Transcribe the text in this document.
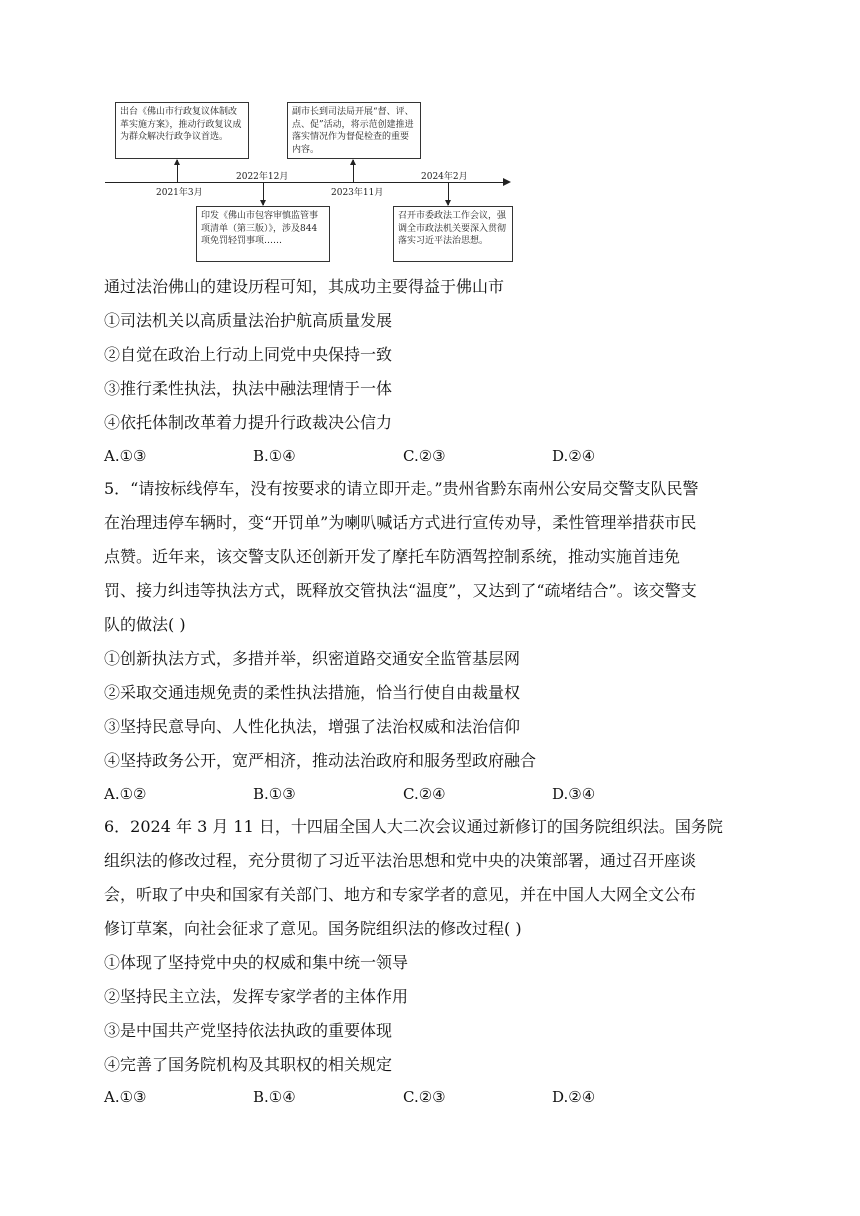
出台《佛山市行政复议体制改革实施方案》，推动行政复议成为群众解决行政争议首选。
副市长到司法局开展“督、评、点、促”活动，将示范创建推进落实情况作为督促检查的重要内容。
2021年3月
2022年12月
2023年11月
2024年2月
印发《佛山市包容审慎监管事项清单（第三版）》，涉及844项免罚轻罚事项……
召开市委政法工作会议，强调全市政法机关要深入贯彻落实习近平法治思想。
通过法治佛山的建设历程可知，其成功主要得益于佛山市
①司法机关以高质量法治护航高质量发展
②自觉在政治上行动上同党中央保持一致
③推行柔性执法，执法中融法理情于一体
④依托体制改革着力提升行政裁决公信力
A.①③	B.①④	C.②③	D.②④
5．“请按标线停车，没有按要求的请立即开走。”贵州省黔东南州公安局交警支队民警
在治理违停车辆时，变“开罚单”为喇叭喊话方式进行宣传劝导，柔性管理举措获市民
点赞。近年来，该交警支队还创新开发了摩托车防酒驾控制系统，推动实施首违免
罚、接力纠违等执法方式，既释放交管执法“温度”，又达到了“疏堵结合”。该交警支
队的做法( )
①创新执法方式，多措并举，织密道路交通安全监管基层网
②采取交通违规免责的柔性执法措施，恰当行使自由裁量权
③坚持民意导向、人性化执法，增强了法治权威和法治信仰
④坚持政务公开，宽严相济，推动法治政府和服务型政府融合
A.①②	B.①③	C.②④	D.③④
6．2024 年 3 月 11 日，十四届全国人大二次会议通过新修订的国务院组织法。国务院
组织法的修改过程，充分贯彻了习近平法治思想和党中央的决策部署，通过召开座谈
会，听取了中央和国家有关部门、地方和专家学者的意见，并在中国人大网全文公布
修订草案，向社会征求了意见。国务院组织法的修改过程( )
①体现了坚持党中央的权威和集中统一领导
②坚持民主立法，发挥专家学者的主体作用
③是中国共产党坚持依法执政的重要体现
④完善了国务院机构及其职权的相关规定
A.①③	B.①④	C.②③	D.②④
